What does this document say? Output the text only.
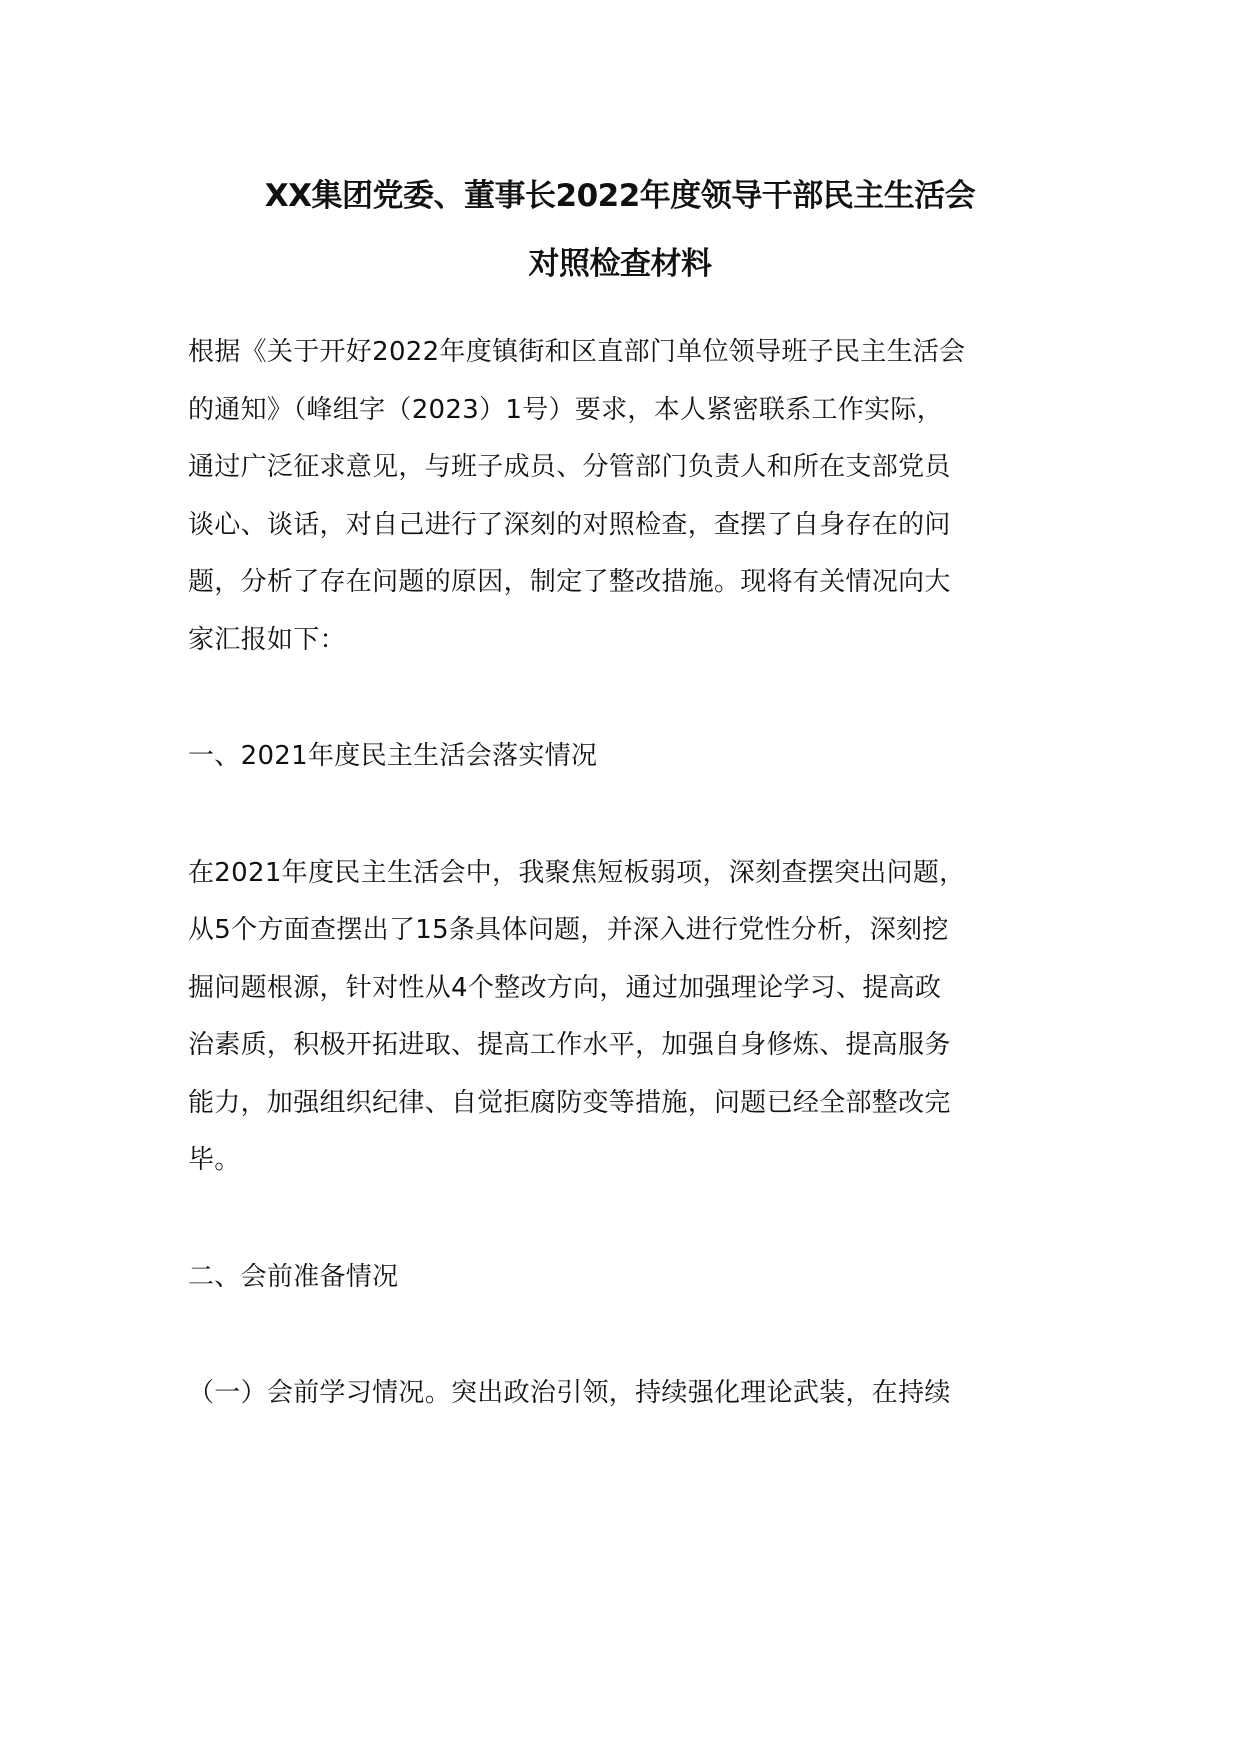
XX集团党委、董事长2022年度领导干部民主生活会
对照检查材料
根据《关于开好2022年度镇街和区直部门单位领导班子民主生活会
的通知》（峰组字（2023）1号）要求，本人紧密联系工作实际，
通过广泛征求意见，与班子成员、分管部门负责人和所在支部党员
谈心、谈话，对自己进行了深刻的对照检查，查摆了自身存在的问
题，分析了存在问题的原因，制定了整改措施。现将有关情况向大
家汇报如下：
一、2021年度民主生活会落实情况
在2021年度民主生活会中，我聚焦短板弱项，深刻查摆突出问题，
从5个方面查摆出了15条具体问题，并深入进行党性分析，深刻挖
掘问题根源，针对性从4个整改方向，通过加强理论学习、提高政
治素质，积极开拓进取、提高工作水平，加强自身修炼、提高服务
能力，加强组织纪律、自觉拒腐防变等措施，问题已经全部整改完
毕。
二、会前准备情况
（一）会前学习情况。突出政治引领，持续强化理论武装，在持续
